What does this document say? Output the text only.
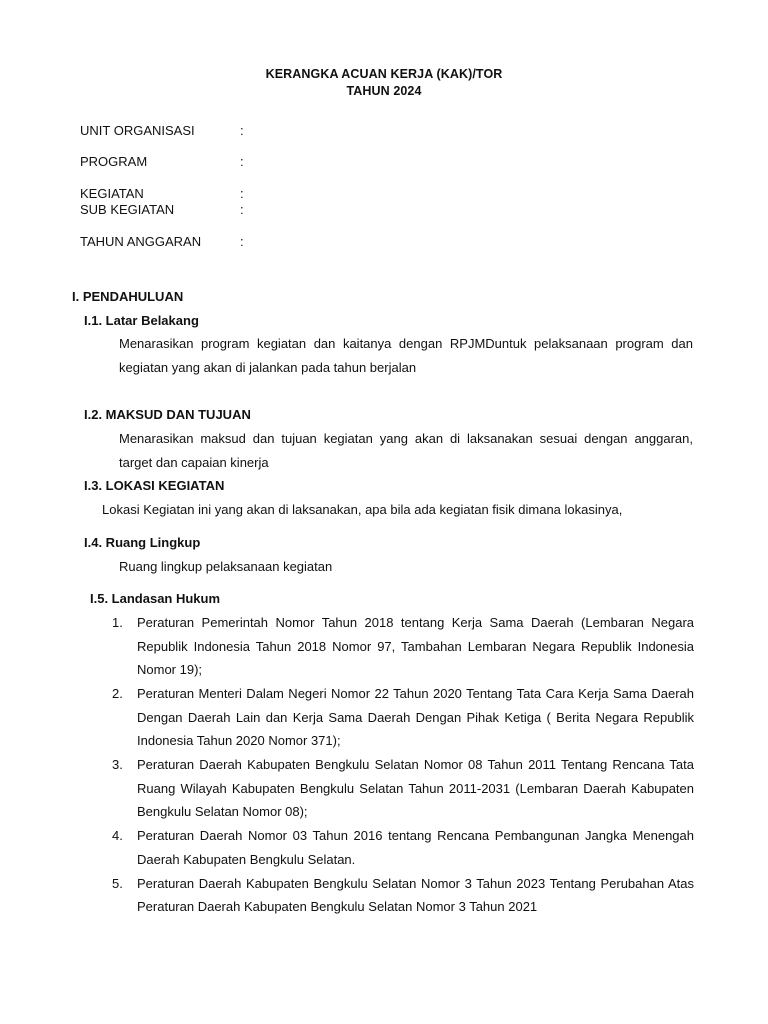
KERANGKA ACUAN KERJA (KAK)/TOR
TAHUN 2024
UNIT ORGANISASI	:
PROGRAM	:
KEGIATAN	:
SUB KEGIATAN	:
TAHUN ANGGARAN	:
I. PENDAHULUAN
I.1. Latar Belakang
Menarasikan program kegiatan dan kaitanya dengan RPJMDuntuk pelaksanaan program dan kegiatan yang akan di jalankan pada tahun berjalan
I.2. MAKSUD DAN TUJUAN
Menarasikan maksud dan tujuan kegiatan yang akan di laksanakan sesuai dengan anggaran, target dan capaian kinerja
I.3. LOKASI KEGIATAN
Lokasi Kegiatan ini yang akan di laksanakan, apa bila ada kegiatan fisik dimana lokasinya,
I.4. Ruang Lingkup
Ruang lingkup pelaksanaan kegiatan
I.5. Landasan Hukum
1. Peraturan Pemerintah Nomor Tahun 2018 tentang Kerja Sama Daerah (Lembaran Negara Republik Indonesia Tahun 2018 Nomor 97, Tambahan Lembaran Negara Republik Indonesia Nomor 19);
2. Peraturan Menteri Dalam Negeri Nomor 22 Tahun 2020 Tentang Tata Cara Kerja Sama Daerah Dengan Daerah Lain dan Kerja Sama Daerah Dengan Pihak Ketiga ( Berita Negara Republik Indonesia Tahun 2020 Nomor 371);
3. Peraturan Daerah Kabupaten Bengkulu Selatan Nomor 08 Tahun 2011 Tentang Rencana Tata Ruang Wilayah Kabupaten Bengkulu Selatan Tahun 2011-2031 (Lembaran Daerah Kabupaten Bengkulu Selatan Nomor 08);
4. Peraturan Daerah Nomor 03 Tahun 2016 tentang Rencana Pembangunan Jangka Menengah Daerah Kabupaten Bengkulu Selatan.
5. Peraturan Daerah Kabupaten Bengkulu Selatan Nomor 3 Tahun 2023 Tentang Perubahan Atas Peraturan Daerah Kabupaten Bengkulu Selatan Nomor 3 Tahun 2021
